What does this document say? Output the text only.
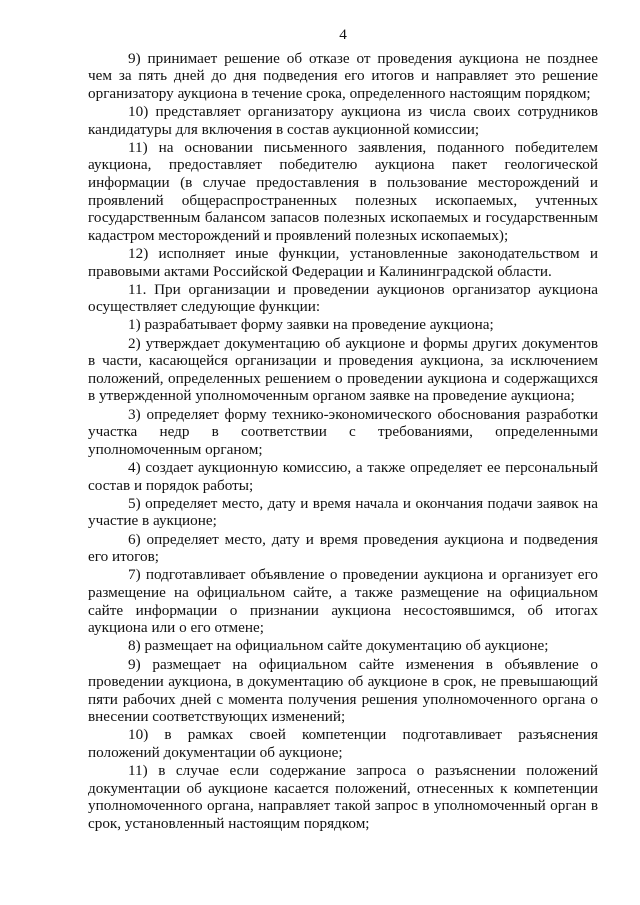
4

9) принимает решение об отказе от проведения аукциона не позднее чем за пять дней до дня подведения его итогов и направляет это решение организатору аукциона в течение срока, определенного настоящим порядком;

10) представляет организатору аукциона из числа своих сотрудников кандидатуры для включения в состав аукционной комиссии;

11) на основании письменного заявления, поданного победителем аукциона, предоставляет победителю аукциона пакет геологической информации (в случае предоставления в пользование месторождений и проявлений общераспространенных полезных ископаемых, учтенных государственным балансом запасов полезных ископаемых и государственным кадастром месторождений и проявлений полезных ископаемых);

12) исполняет иные функции, установленные законодательством и правовыми актами Российской Федерации и Калининградской области.

11. При организации и проведении аукционов организатор аукциона осуществляет следующие функции:

1) разрабатывает форму заявки на проведение аукциона;

2) утверждает документацию об аукционе и формы других документов в части, касающейся организации и проведения аукциона, за исключением положений, определенных решением о проведении аукциона и содержащихся в утвержденной уполномоченным органом заявке на проведение аукциона;

3) определяет форму технико-экономического обоснования разработки участка недр в соответствии с требованиями, определенными уполномоченным органом;

4) создает аукционную комиссию, а также определяет ее персональный состав и порядок работы;

5) определяет место, дату и время начала и окончания подачи заявок на участие в аукционе;

6) определяет место, дату и время проведения аукциона и подведения его итогов;

7) подготавливает объявление о проведении аукциона и организует его размещение на официальном сайте, а также размещение на официальном сайте информации о признании аукциона несостоявшимся, об итогах аукциона или о его отмене;

8) размещает на официальном сайте документацию об аукционе;

9) размещает на официальном сайте изменения в объявление о проведении аукциона, в документацию об аукционе в срок, не превышающий пяти рабочих дней с момента получения решения уполномоченного органа о внесении соответствующих изменений;

10) в рамках своей компетенции подготавливает разъяснения положений документации об аукционе;

11) в случае если содержание запроса о разъяснении положений документации об аукционе касается положений, отнесенных к компетенции уполномоченного органа, направляет такой запрос в уполномоченный орган в срок, установленный настоящим порядком;
